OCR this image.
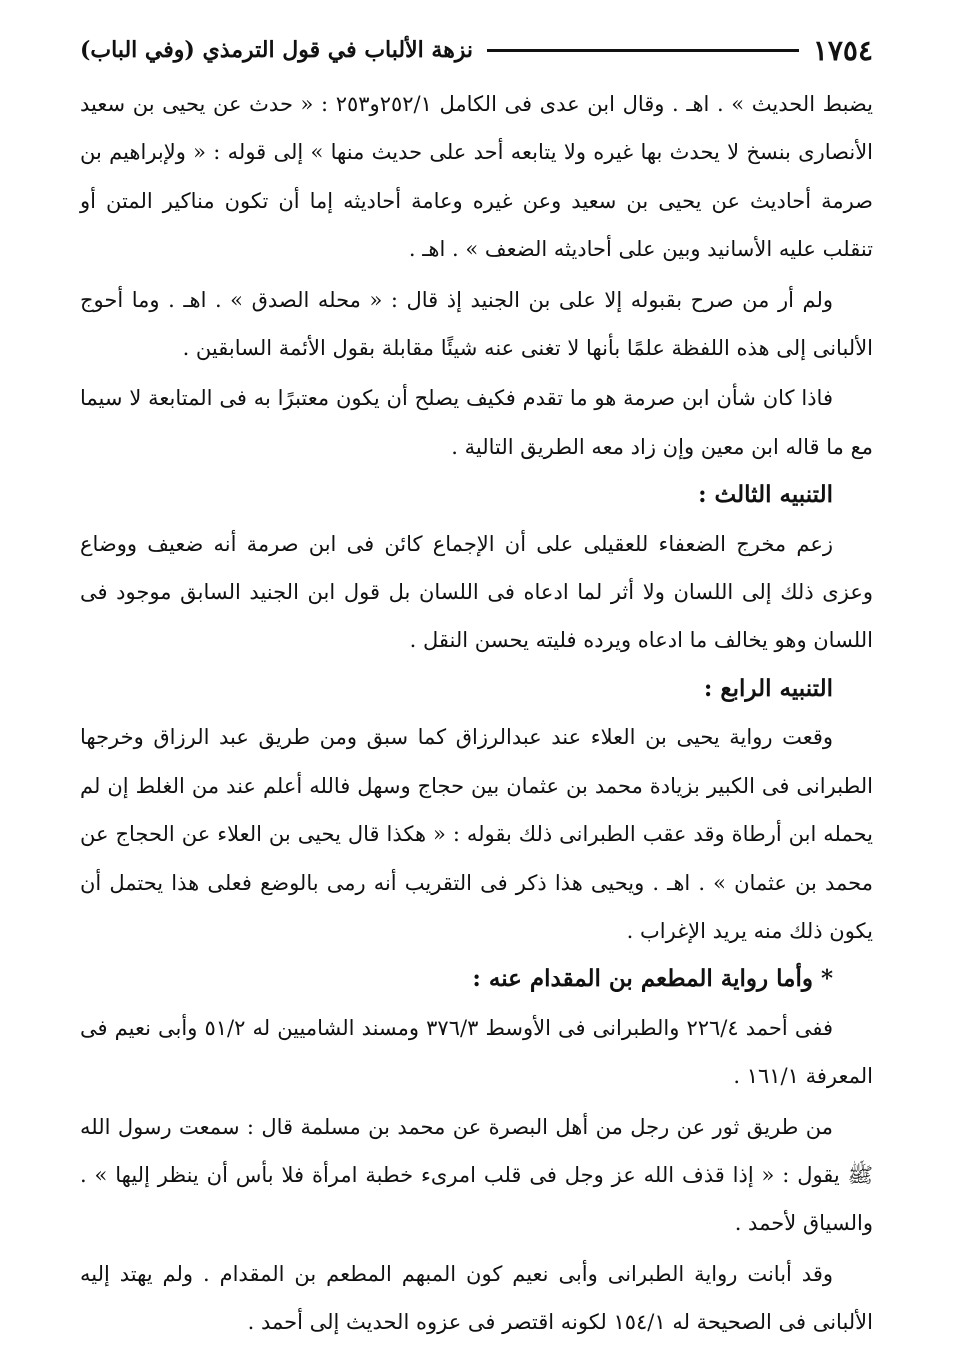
١٧٥٤
نزهة الألباب في قول الترمذي (وفي الباب)

يضبط الحديث » . اهـ . وقال ابن عدى فى الكامل ٢٥٢/١و٢٥٣ : « حدث عن يحيى بن سعيد الأنصارى بنسخ لا يحدث بها غيره ولا يتابعه أحد على حديث منها » إلى قوله : « ولإبراهيم بن صرمة أحاديث عن يحيى بن سعيد وعن غيره وعامة أحاديثه إما أن تكون مناكير المتن أو تنقلب عليه الأسانيد وبين على أحاديثه الضعف » . اهـ .

ولم أر من صرح بقبوله إلا على بن الجنيد إذ قال : « محله الصدق » . اهـ . وما أحوج الألبانى إلى هذه اللفظة علمًا بأنها لا تغنى عنه شيئًا مقابلة بقول الأئمة السابقين .

فاذا كان شأن ابن صرمة هو ما تقدم فكيف يصلح أن يكون معتبرًا به فى المتابعة لا سيما مع ما قاله ابن معين وإن زاد معه الطريق التالية .

التنبيه الثالث :

زعم مخرج الضعفاء للعقيلى على أن الإجماع كائن فى ابن صرمة أنه ضعيف ووضاع وعزى ذلك إلى اللسان ولا أثر لما ادعاه فى اللسان بل قول ابن الجنيد السابق موجود فى اللسان وهو يخالف ما ادعاه ويرده فليته يحسن النقل .

التنبيه الرابع :

وقعت رواية يحيى بن العلاء عند عبدالرزاق كما سبق ومن طريق عبد الرزاق وخرجها الطبرانى فى الكبير بزيادة محمد بن عثمان بين حجاج وسهل فالله أعلم عند من الغلط إن لم يحمله ابن أرطاة وقد عقب الطبرانى ذلك بقوله : « هكذا قال يحيى بن العلاء عن الحجاج عن محمد بن عثمان » . اهـ . ويحيى هذا ذكر فى التقريب أنه رمى بالوضع فعلى هذا يحتمل أن يكون ذلك منه يريد الإغراب .

* وأما رواية المطعم بن المقدام عنه :

ففى أحمد ٢٢٦/٤ والطبرانى فى الأوسط ٣٧٦/٣ ومسند الشاميين له ٥١/٢ وأبى نعيم فى المعرفة ١٦١/١ .

من طريق ثور عن رجل من أهل البصرة عن محمد بن مسلمة قال : سمعت رسول الله ﷺ يقول : « إذا قذف الله عز وجل فى قلب امرىء خطبة امرأة فلا بأس أن ينظر إليها » . والسياق لأحمد .

وقد أبانت رواية الطبرانى وأبى نعيم كون المبهم المطعم بن المقدام . ولم يهتد إليه الألبانى فى الصحيحة له ١٥٤/١ لكونه اقتصر فى عزوه الحديث إلى أحمد .
